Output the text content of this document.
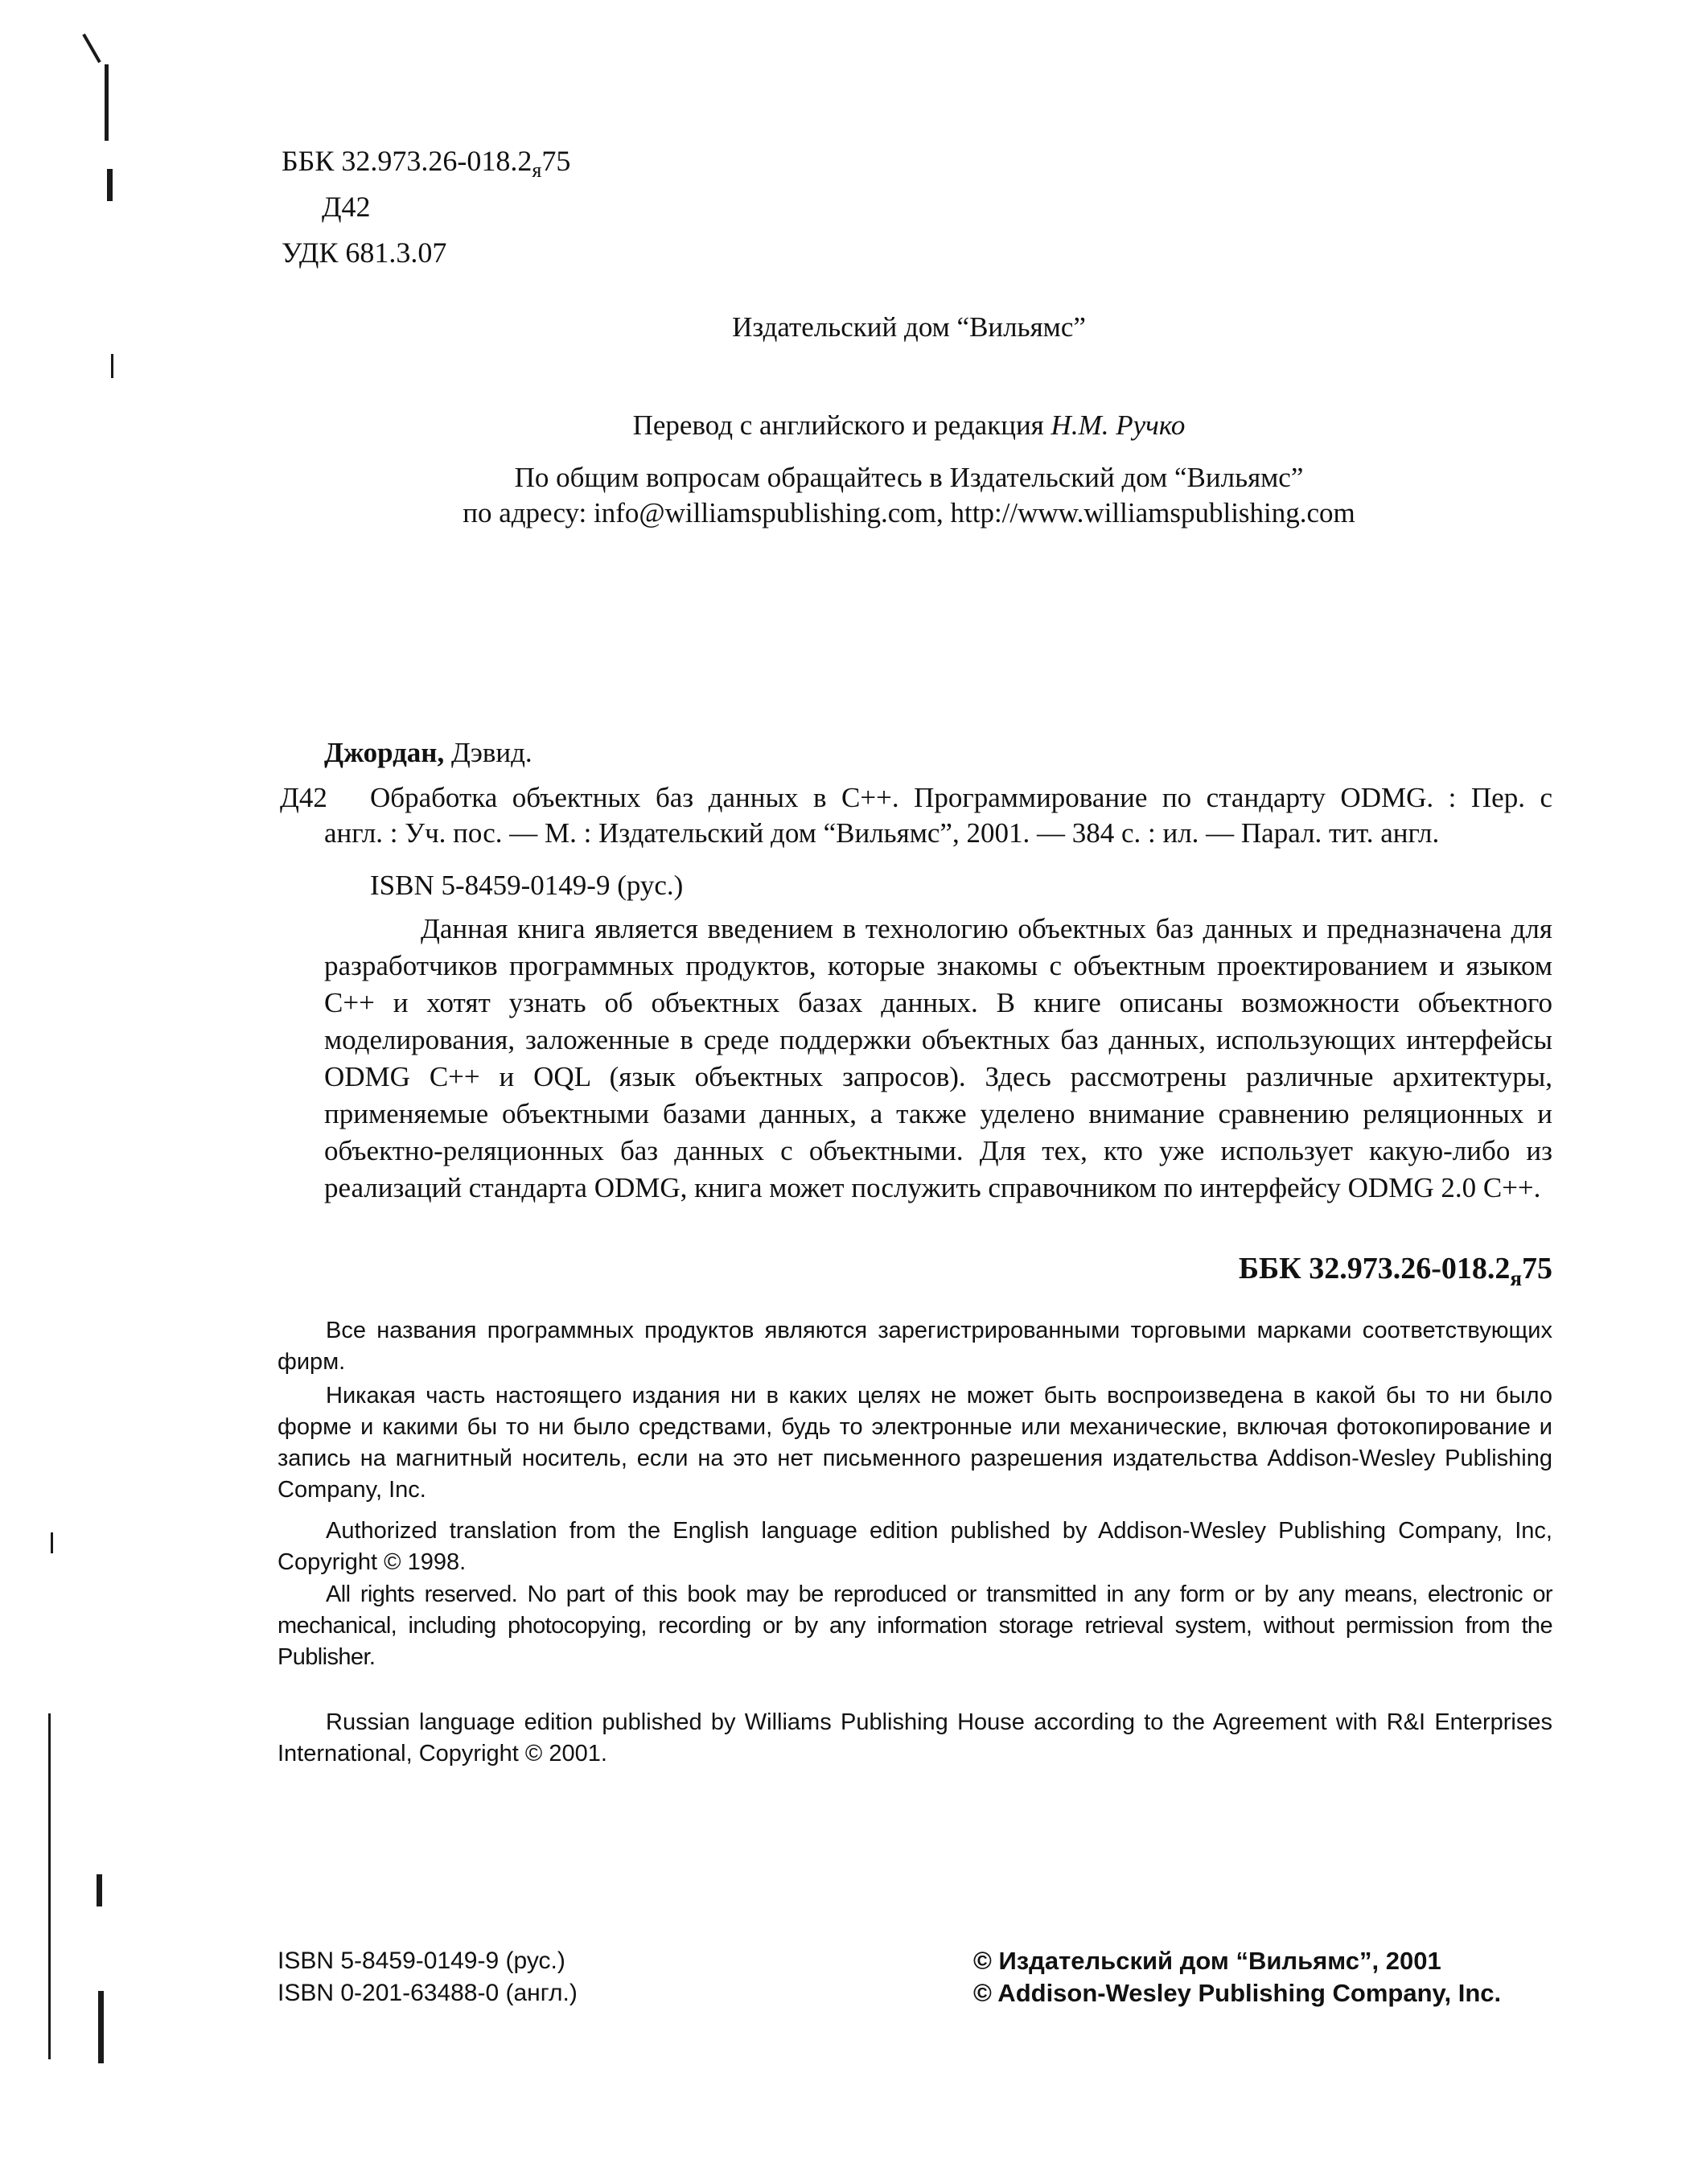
ББК $32.973.26-018.2_я75$
Д42
УДК 681.3.07
Издательский дом “Вильямс”
Перевод с английского и редакция Н.М. Ручко
По общим вопросам обращайтесь в Издательский дом “Вильямс”
по адресу: info@williamspublishing.com, http://www.williamspublishing.com
Джордан, Дэвид.
Д42 Обработка объектных баз данных в C++. Программирование по стандарту ODMG. : Пер. с
англ. : Уч. пос. — М. : Издательский дом “Вильямс”, 2001. — 384 с. : ил. — Парал. тит. англ.
ISBN 5-8459-0149-9 (рус.)

Данная книга является введением в технологию объектных баз данных и предназначена для разработчиков программных продуктов, которые знакомы с объектным проектированием и языком C++ и хотят узнать об объектных базах данных. В книге описаны возможности объектного моделирования, заложенные в среде поддержки объектных баз данных, использующих интерфейсы ODMG C++ и OQL (язык объектных запросов). Здесь рассмотрены различные архитектуры, применяемые объектными базами данных, а также уделено внимание сравнению реляционных и объектно-реляционных баз данных с объектными. Для тех, кто уже использует какую-либо из реализаций стандарта ODMG, книга может послужить справочником по интерфейсу ODMG 2.0 C++.

ББК $32.973.26-018.2_я75$

Все названия программных продуктов являются зарегистрированными торговыми марками соответствующих фирм.

Никакая часть настоящего издания ни в каких целях не может быть воспроизведена в какой бы то ни было форме и какими бы то ни было средствами, будь то электронные или механические, включая фотокопирование и запись на магнитный носитель, если на это нет письменного разрешения издательства Addison-Wesley Publishing Company, Inc.

Authorized translation from the English language edition published by Addison-Wesley Publishing Company, Inc, Copyright © 1998.

All rights reserved. No part of this book may be reproduced or transmitted in any form or by any means, electronic or mechanical, including photocopying, recording or by any information storage retrieval system, without permission from the Publisher.

Russian language edition published by Williams Publishing House according to the Agreement with R&I Enterprises International, Copyright © 2001.

ISBN 5-8459-0149-9 (рус.)
ISBN 0-201-63488-0 (англ.)
© Издательский дом “Вильямс”, 2001
© Addison-Wesley Publishing Company, Inc.
